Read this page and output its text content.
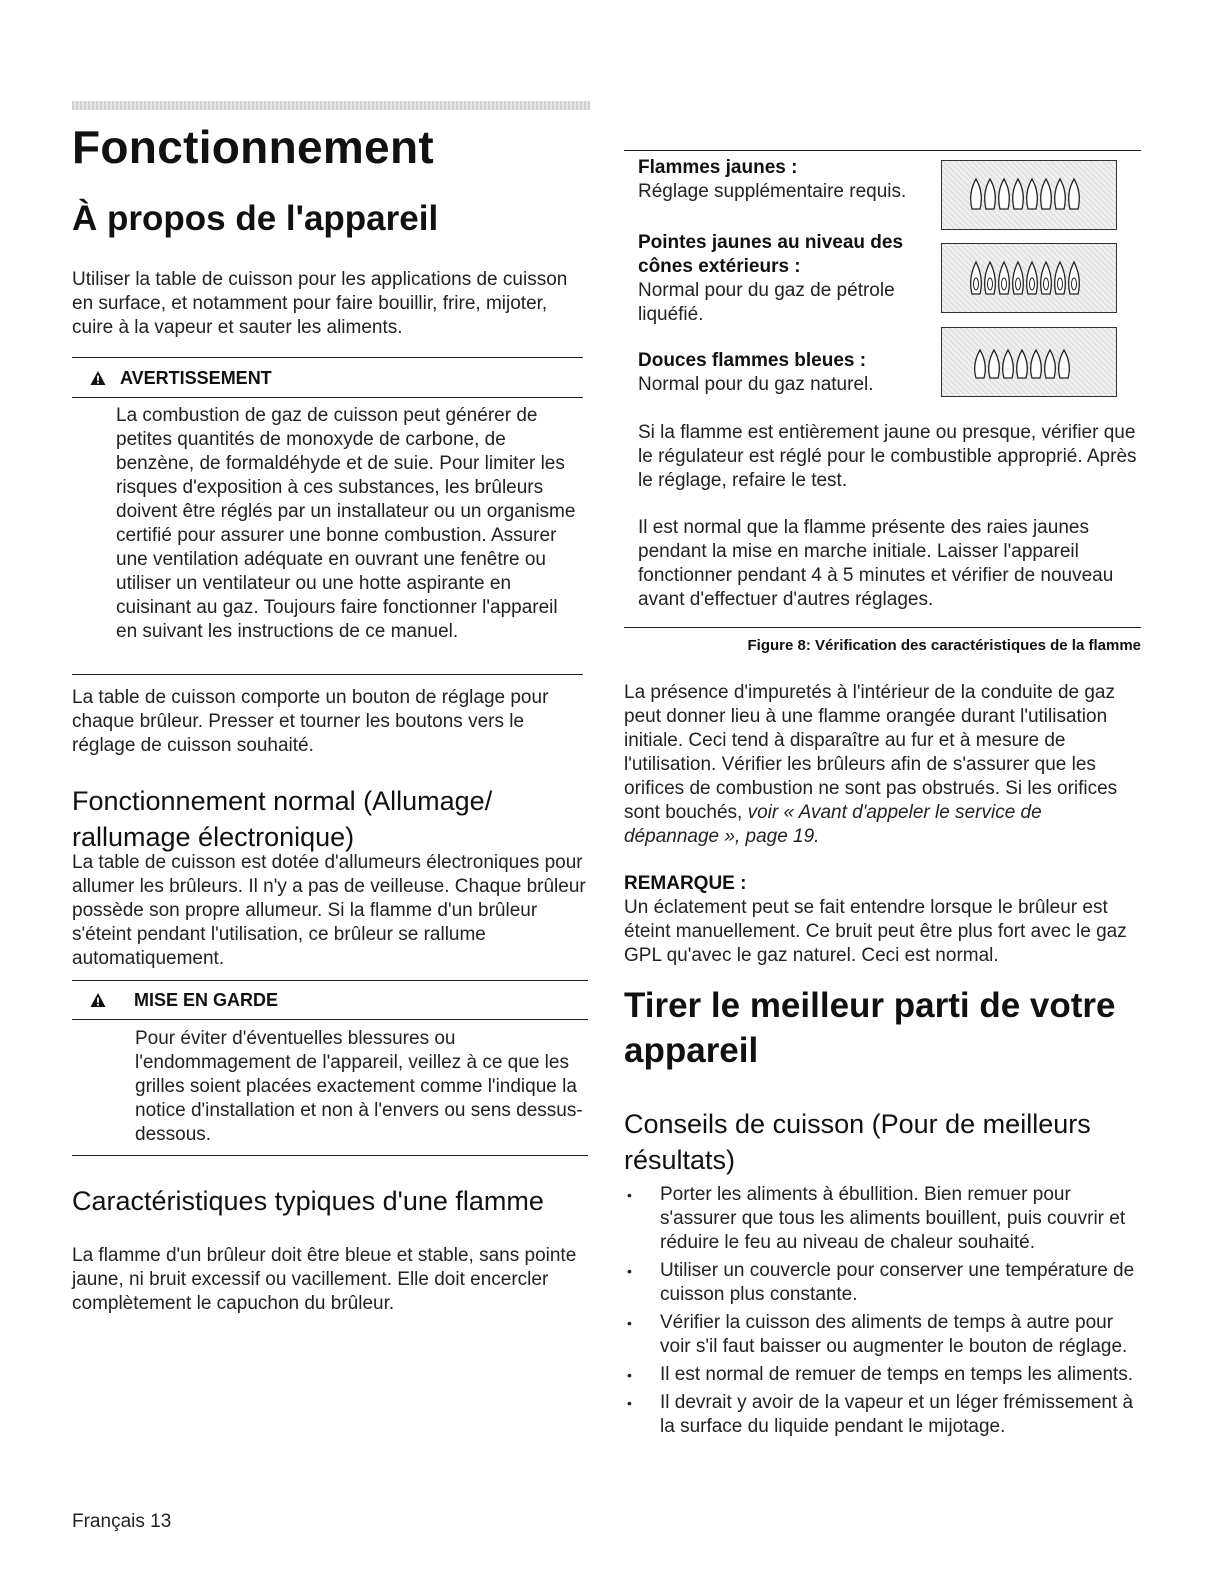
Fonctionnement
À propos de l'appareil

Utiliser la table de cuisson pour les applications de cuisson en surface, et notamment pour faire bouillir, frire, mijoter, cuire à la vapeur et sauter les aliments.

AVERTISSEMENT

La combustion de gaz de cuisson peut générer de petites quantités de monoxyde de carbone, de benzène, de formaldéhyde et de suie. Pour limiter les risques d'exposition à ces substances, les brûleurs doivent être réglés par un installateur ou un organisme certifié pour assurer une bonne combustion. Assurer une ventilation adéquate en ouvrant une fenêtre ou utiliser un ventilateur ou une hotte aspirante en cuisinant au gaz. Toujours faire fonctionner l'appareil en suivant les instructions de ce manuel.

La table de cuisson comporte un bouton de réglage pour chaque brûleur. Presser et tourner les boutons vers le réglage de cuisson souhaité.

Fonctionnement normal (Allumage/ rallumage électronique)

La table de cuisson est dotée d'allumeurs électroniques pour allumer les brûleurs. Il n'y a pas de veilleuse. Chaque brûleur possède son propre allumeur. Si la flamme d'un brûleur s'éteint pendant l'utilisation, ce brûleur se rallume automatiquement.

MISE EN GARDE

Pour éviter d'éventuelles blessures ou l'endommagement de l'appareil, veillez à ce que les grilles soient placées exactement comme l'indique la notice d'installation et non à l'envers ou sens dessus-dessous.

Caractéristiques typiques d'une flamme

La flamme d'un brûleur doit être bleue et stable, sans pointe jaune, ni bruit excessif ou vacillement. Elle doit encercler complètement le capuchon du brûleur.

Français 13

Flammes jaunes :

Réglage supplémentaire requis.

Pointes jaunes au niveau des cônes extérieurs :

Normal pour du gaz de pétrole liquéfié.

Douces flammes bleues :

Normal pour du gaz naturel.

Si la flamme est entièrement jaune ou presque, vérifier que le régulateur est réglé pour le combustible approprié. Après le réglage, refaire le test.

Il est normal que la flamme présente des raies jaunes pendant la mise en marche initiale. Laisser l'appareil fonctionner pendant 4 à 5 minutes et vérifier de nouveau avant d'effectuer d'autres réglages.

Figure 8: Vérification des caractéristiques de la flamme

La présence d'impuretés à l'intérieur de la conduite de gaz peut donner lieu à une flamme orangée durant l'utilisation initiale. Ceci tend à disparaître au fur et à mesure de l'utilisation. Vérifier les brûleurs afin de s'assurer que les orifices de combustion ne sont pas obstrués. Si les orifices sont bouchés, voir « Avant d'appeler le service de dépannage », page 19.

REMARQUE :

Un éclatement peut se fait entendre lorsque le brûleur est éteint manuellement. Ce bruit peut être plus fort avec le gaz GPL qu'avec le gaz naturel. Ceci est normal.

Tirer le meilleur parti de votre appareil
Conseils de cuisson (Pour de meilleurs résultats)
• Porter les aliments à ébullition. Bien remuer pour s'assurer que tous les aliments bouillent, puis couvrir et réduire le feu au niveau de chaleur souhaité.
• Utiliser un couvercle pour conserver une température de cuisson plus constante.
• Vérifier la cuisson des aliments de temps à autre pour voir s'il faut baisser ou augmenter le bouton de réglage.
• Il est normal de remuer de temps en temps les aliments.
• Il devrait y avoir de la vapeur et un léger frémissement à la surface du liquide pendant le mijotage.
